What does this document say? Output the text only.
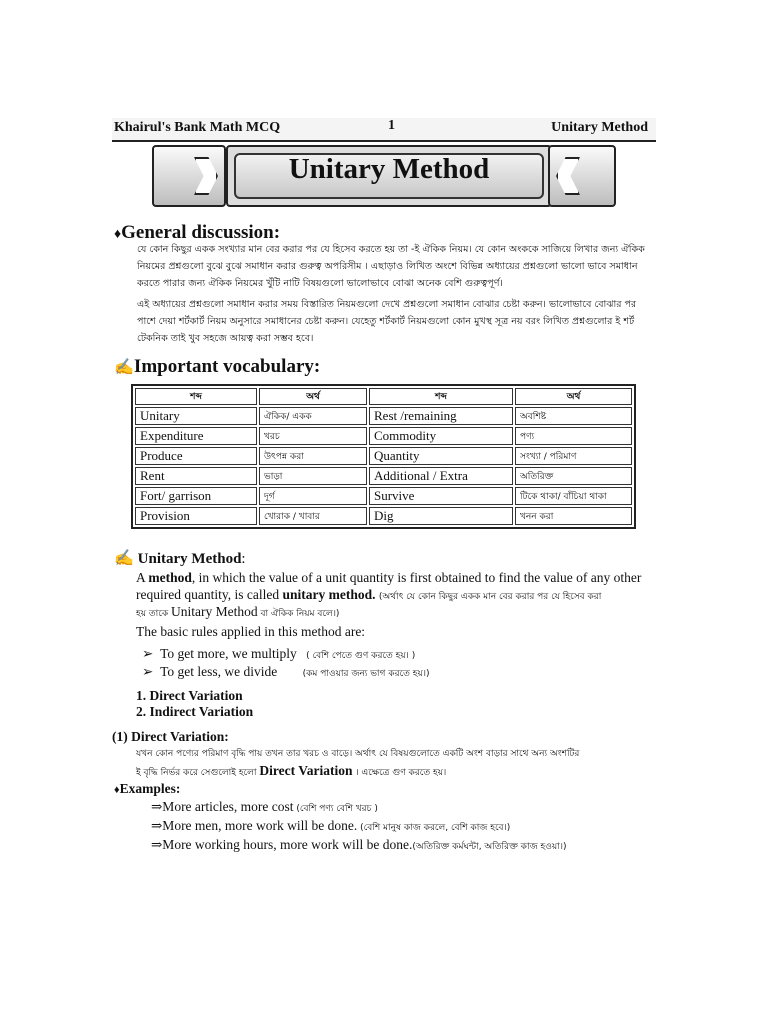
Khairul's Bank Math MCQ	1	Unitary Method
Unitary Method
♦General discussion:
যে কোন কিছুর একক সংখ্যার মান বের করার পর যে হিসেব করতে হয় তা -ই ঐকিক নিয়ম। যে কোন অংককে সাজিয়ে লিখার জন্য ঐকিক নিয়মের প্রশ্নগুলো বুঝে বুঝে সমাধান করার গুরুত্ব অপরিসীম । এছাড়াও লিখিত অংশে বিভিন্ন অধ্যায়ের প্রশ্নগুলো ভালো ভাবে সমাধান করতে পারার জন্য ঐকিক নিয়মের খুঁটি নাটি বিষয়গুলো ভালোভাবে বোঝা অনেক বেশি গুরুত্বপূর্ণ।
এই অধ্যায়ের প্রশ্নগুলো সমাধান করার সময় বিস্তারিত নিয়মগুলো দেখে প্রশ্নগুলো সমাধান বোঝার চেষ্টা করুন। ভালোভাবে বোঝার পর পাশে দেয়া শর্টকার্ট নিয়ম অনুসারে সমাধানের চেষ্টা করুন। যেহেতু শর্টকার্ট নিয়মগুলো কোন মুখস্থ সূত্র নয় বরং লিখিত প্রশ্নগুলোর ই শর্ট টেকনিক তাই খুব সহজে আয়ত্ব করা সম্ভব হবে।
✍Important vocabulary:
শব্দ	অর্থ	শব্দ	অর্থ
Unitary	ঐকিক/ একক	Rest /remaining	অবশিষ্ট
Expenditure	খরচ	Commodity	পণ্য
Produce	উৎপন্ন করা	Quantity	সংখ্যা / পরিমাণ
Rent	ভাড়া	Additional / Extra	অতিরিক্ত
Fort/ garrison	দূর্গ	Survive	টিকে থাকা/ বাঁচিয়া থাকা
Provision	খোরাক / খাবার	Dig	খনন করা
✍ Unitary Method:
A method, in which the value of a unit quantity is first obtained to find the value of any other
required quantity, is called unitary method. (অর্থাৎ যে কোন কিছুর একক মান বের করার পর যে হিসেব করা
হয় তাকে Unitary Method বা ঐকিক নিয়ম বলে।)
The basic rules applied in this method are:
➢ To get more, we multiply ( বেশি পেতে গুণ করতে হয়। )
➢ To get less, we divide	(কম পাওয়ার জন্য ভাগ করতে হয়।)
1. Direct Variation
2. Indirect Variation
(1) Direct Variation:
যখন কোন পণ্যের পরিমাণ বৃদ্ধি পায় তখন তার খরচ ও বাড়ে। অর্থাৎ যে বিষয়গুলোতে একটি অংশ বাড়ার সাথে অন্য অংশটির
ই বৃদ্ধি নির্ভর করে সেগুলোই হলো Direct Variation । এক্ষেত্রে গুণ করতে হয়।
♦Examples:
⇒More articles, more cost (বেশি পণ্য বেশি খরচ )
⇒More men, more work will be done. (বেশি মানুষ কাজ করলে, বেশি কাজ হবে।)
⇒More working hours, more work will be done.(অতিরিক্ত কর্মঘন্টা, অতিরিক্ত কাজ হওয়া।)
